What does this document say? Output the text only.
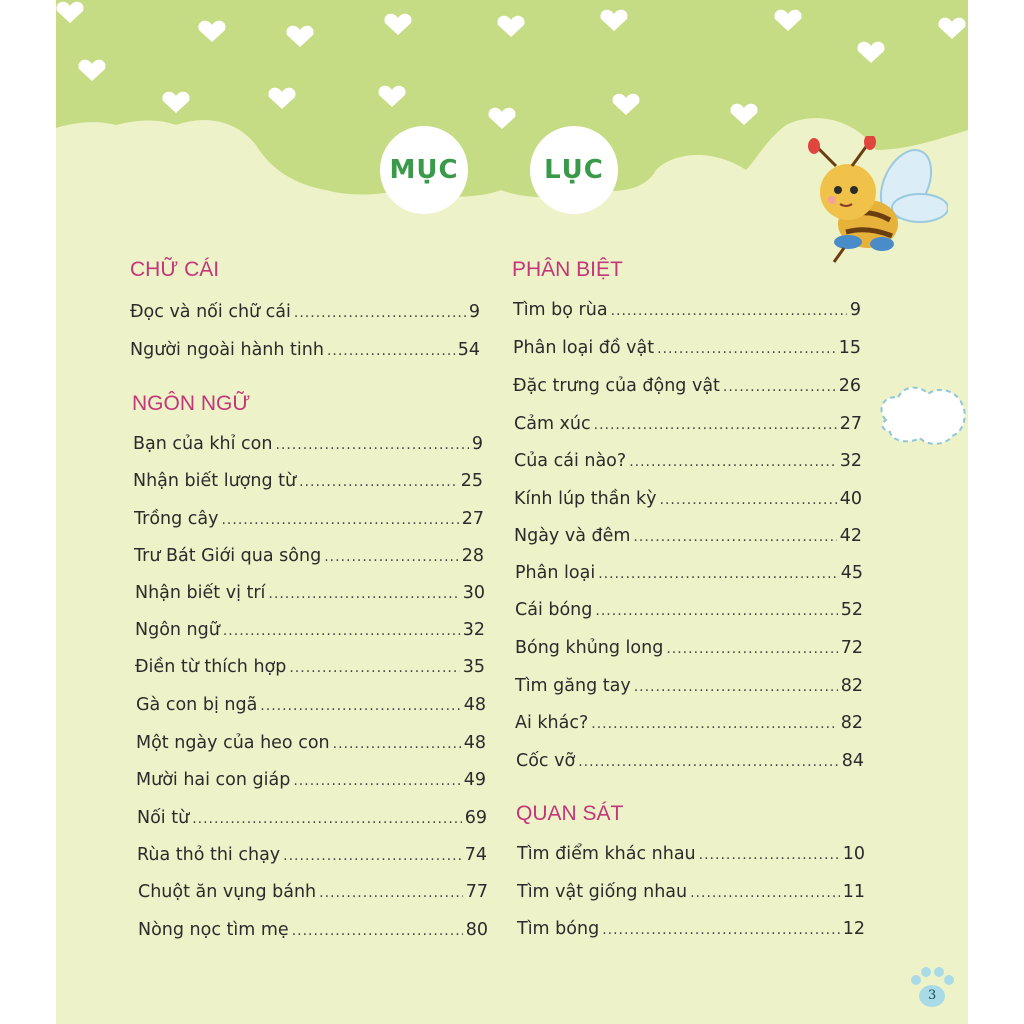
MỤC	LỤC
CHỮ CÁI
Đọc và nối chữ cái .....	9
Người ngoài hành tinh .....	54
NGÔN NGỮ
Bạn của khỉ con .....	9
Nhận biết lượng từ .....	25
Trồng cây .....	27
Trư Bát Giới qua sông .....	28
Nhận biết vị trí .....	30
Ngôn ngữ .....	32
Điền từ thích hợp .....	35
Gà con bị ngã .....	48
Một ngày của heo con .....	48
Mười hai con giáp .....	49
Nối từ .....	69
Rùa thỏ thi chạy .....	74
Chuột ăn vụng bánh .....	77
Nòng nọc tìm mẹ .....	80
PHÂN BIỆT
Tìm bọ rùa .....	9
Phân loại đồ vật .....	15
Đặc trưng của động vật .....	26
Cảm xúc .....	27
Của cái nào? .....	32
Kính lúp thần kỳ .....	40
Ngày và đêm .....	42
Phân loại .....	45
Cái bóng .....	52
Bóng khủng long .....	72
Tìm găng tay .....	82
Ai khác? .....	82
Cốc vỡ .....	84
QUAN SÁT
Tìm điểm khác nhau .....	10
Tìm vật giống nhau .....	11
Tìm bóng .....	12
3
